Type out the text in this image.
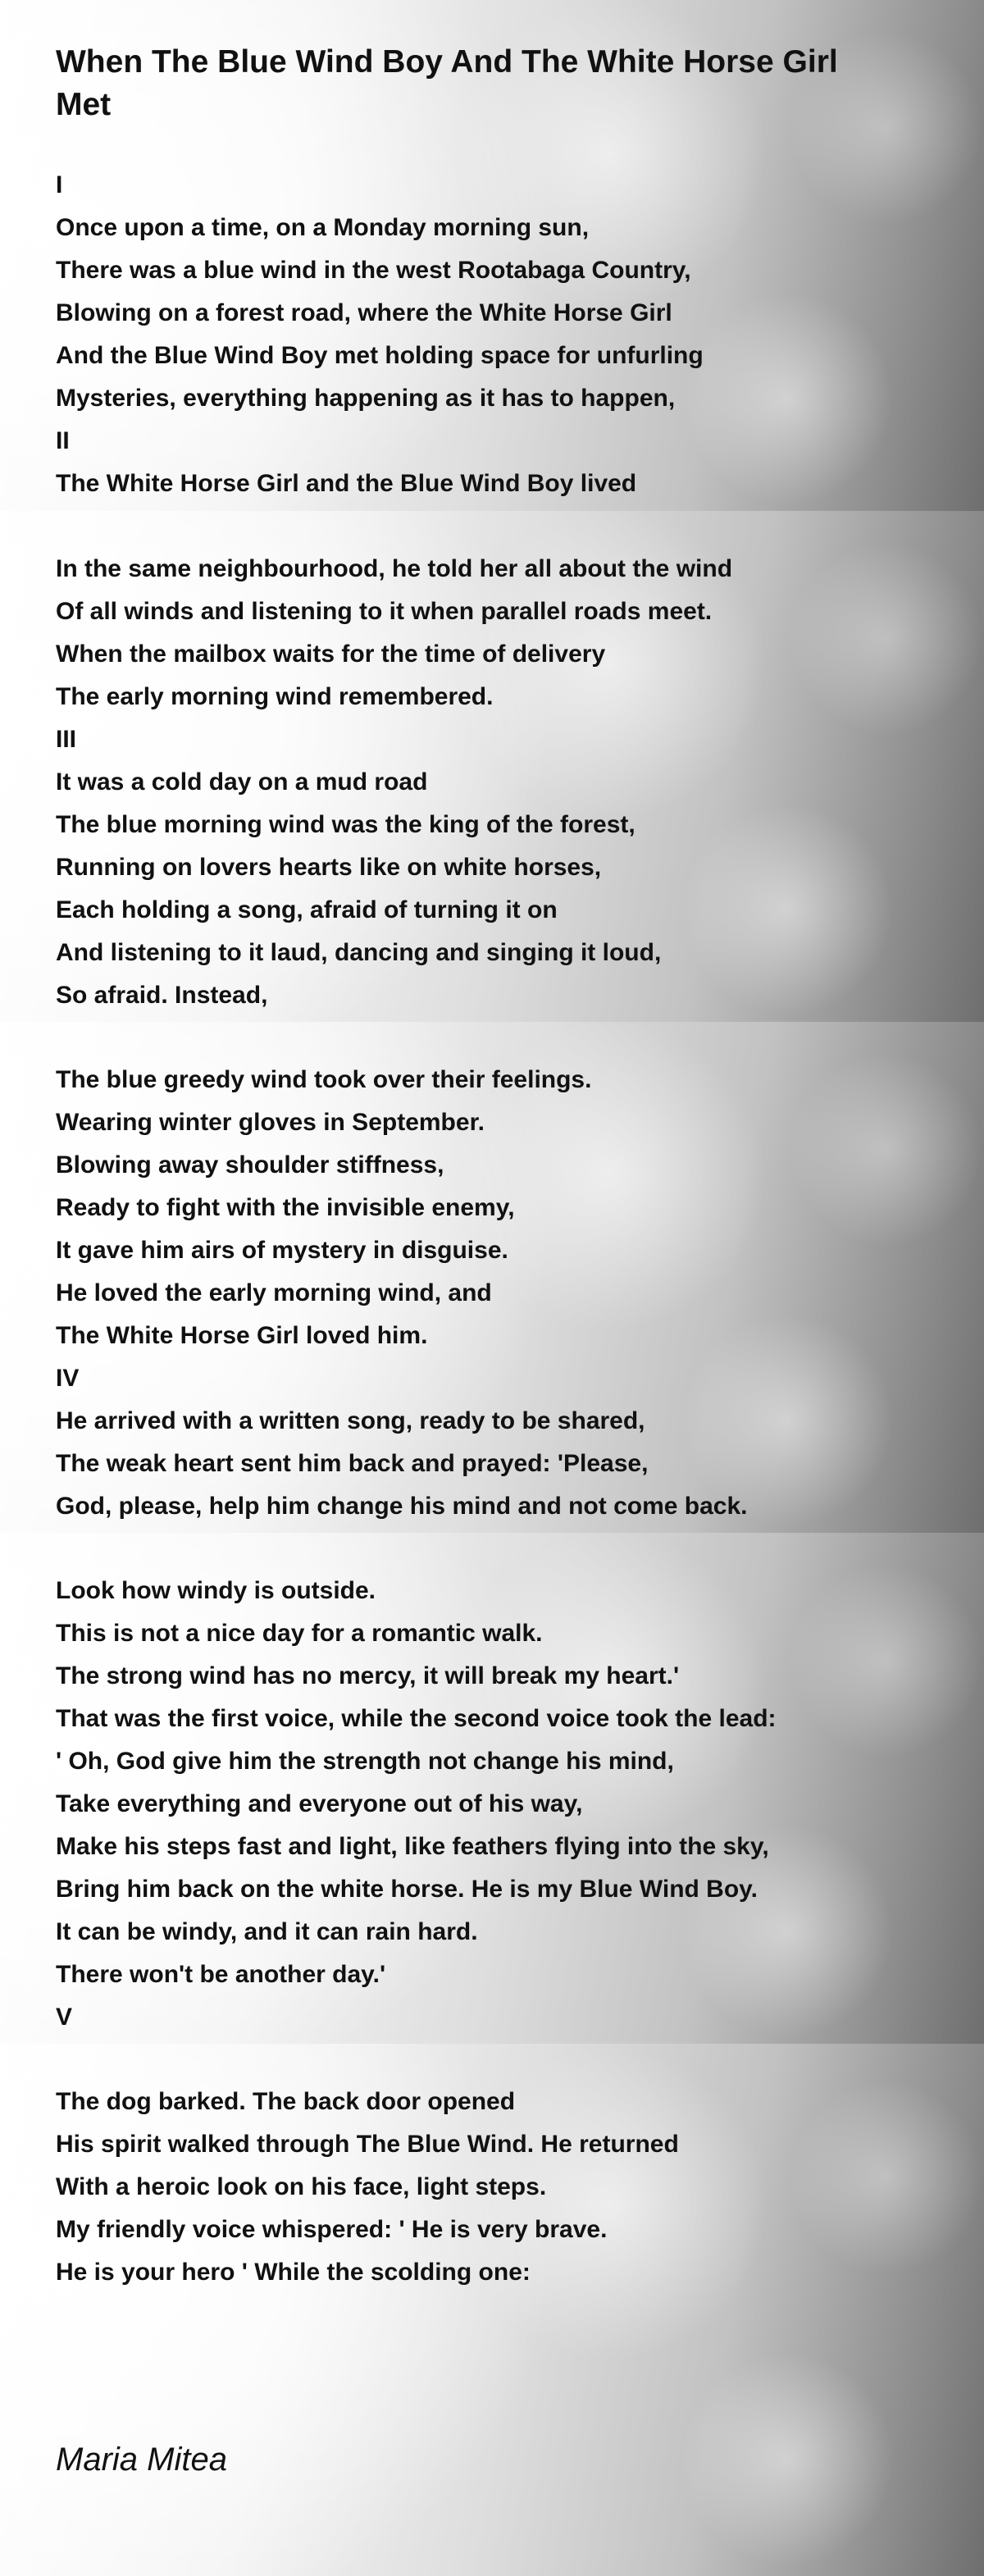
When The Blue Wind Boy And The White Horse Girl Met
I
Once upon a time, on a Monday morning sun,
There was a blue wind in the west Rootabaga Country,
Blowing on a forest road, where the White Horse Girl
And the Blue Wind Boy met holding space for unfurling
Mysteries, everything happening as it has to happen,
II
The White Horse Girl and the Blue Wind Boy lived
In the same neighbourhood, he told her all about the wind
Of all winds and listening to it when parallel roads meet.
When the mailbox waits for the time of delivery
The early morning wind remembered.
III
It was a cold day on a mud road
The blue morning wind was the king of the forest,
Running on lovers hearts like on white horses,
Each holding a song, afraid of turning it on
And listening to it laud, dancing and singing it loud,
So afraid. Instead,
The blue greedy wind took over their feelings.
Wearing winter gloves in September.
Blowing away shoulder stiffness,
Ready to fight with the invisible enemy,
It gave him airs of mystery in disguise.
He loved the early morning wind, and
The White Horse Girl loved him.
IV
He arrived with a written song, ready to be shared,
The weak heart sent him back and prayed: 'Please,
God, please, help him change his mind and not come back.
Look how windy is outside.
This is not a nice day for a romantic walk.
The strong wind has no mercy, it will break my heart.'
That was the first voice, while the second voice took the lead:
' Oh, God give him the strength not change his mind,
Take everything and everyone out of his way,
Make his steps fast and light, like feathers flying into the sky,
Bring him back on the white horse. He is my Blue Wind Boy.
It can be windy, and it can rain hard.
There won't be another day.'
V
The dog barked. The back door opened
His spirit walked through The Blue Wind. He returned
With a heroic look on his face, light steps.
My friendly voice whispered: ' He is very brave.
He is your hero ' While the scolding one:
Maria Mitea
